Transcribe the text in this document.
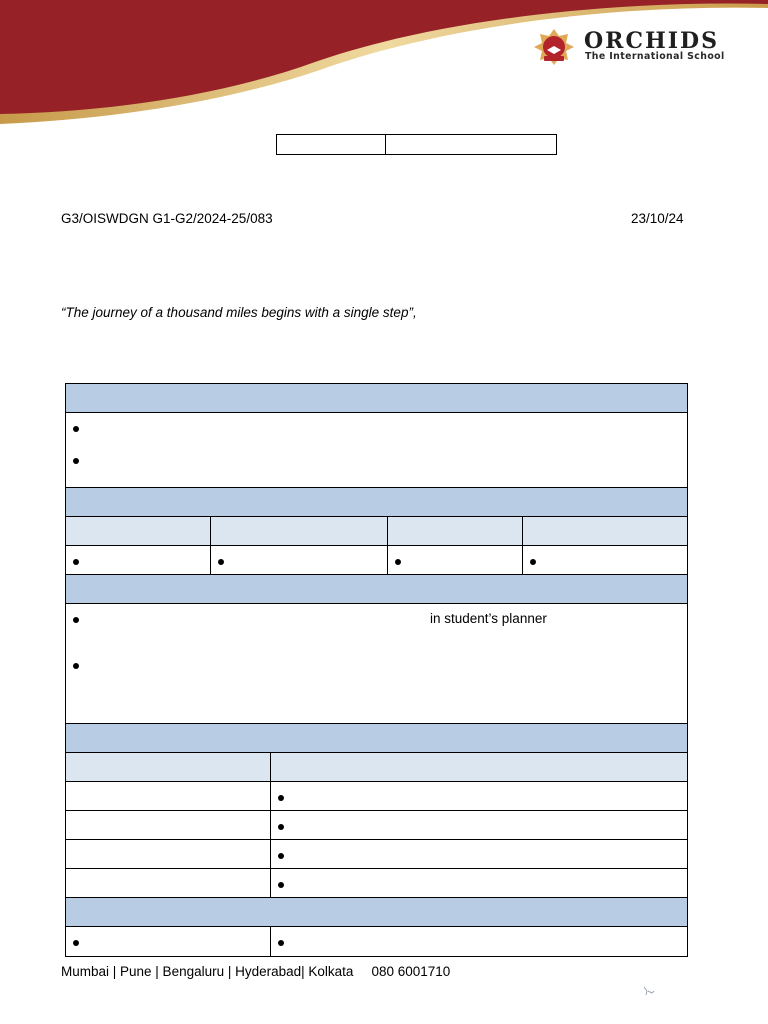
ORCHIDS
The International School
G3/OISWDGN G1-G2/2024-25/083	23/10/24
“The journey of a thousand miles begins with a single step”,
in student’s planner
Mumbai | Pune | Bengaluru | Hyderabad| Kolkata 080 6001710
